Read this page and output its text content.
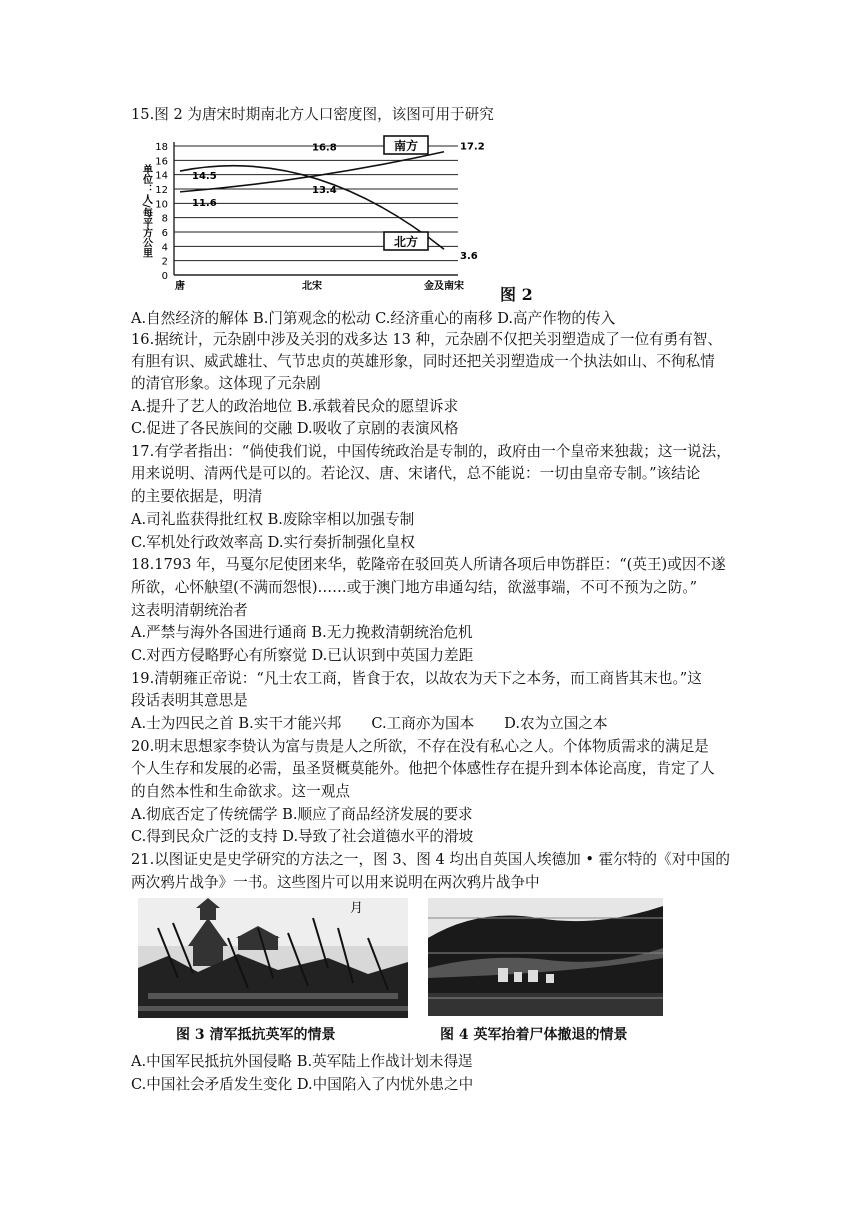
15.图 2 为唐宋时期南北方人口密度图，该图可用于研究
0
2
4
6
8
10
12
14
16
18
单位：人/每平方公里
唐	北宋	金及南宋
11.6
13.4
17.2
14.5
16.8
3.6
南方
北方
图 2
A.自然经济的解体 B.门第观念的松动 C.经济重心的南移 D.高产作物的传入
16.据统计，元杂剧中涉及关羽的戏多达 13 种，元杂剧不仅把关羽塑造成了一位有勇有智、
有胆有识、威武雄壮、气节忠贞的英雄形象，同时还把关羽塑造成一个执法如山、不徇私情
的清官形象。这体现了元杂剧
A.提升了艺人的政治地位 B.承载着民众的愿望诉求
C.促进了各民族间的交融 D.吸收了京剧的表演风格
17.有学者指出：“倘使我们说，中国传统政治是专制的，政府由一个皇帝来独裁；这一说法，
用来说明、清两代是可以的。若论汉、唐、宋诸代，总不能说：一切由皇帝专制。”该结论
的主要依据是，明清
A.司礼监获得批红权 B.废除宰相以加强专制
C.军机处行政效率高 D.实行奏折制强化皇权
18.1793 年，马戛尔尼使团来华，乾隆帝在驳回英人所请各项后申饬群臣：“(英王)或因不遂
所欲，心怀觖望(不满而怨恨)……或于澳门地方串通勾结，欲滋事端，不可不预为之防。”
这表明清朝统治者
A.严禁与海外各国进行通商 B.无力挽救清朝统治危机
C.对西方侵略野心有所察觉 D.已认识到中英国力差距
19.清朝雍正帝说：“凡士农工商，皆食于农，以故农为天下之本务，而工商皆其末也。”这
段话表明其意思是
A.士为四民之首 B.实干才能兴邦 C.工商亦为国本 D.农为立国之本
20.明末思想家李贽认为富与贵是人之所欲，不存在没有私心之人。个体物质需求的满足是
个人生存和发展的必需，虽圣贤概莫能外。他把个体感性存在提升到本体论高度，肯定了人
的自然本性和生命欲求。这一观点
A.彻底否定了传统儒学 B.顺应了商品经济发展的要求
C.得到民众广泛的支持 D.导致了社会道德水平的滑坡
21.以图证史是史学研究的方法之一，图 3、图 4 均出自英国人埃德加 • 霍尔特的《对中国的
两次鸦片战争》一书。这些图片可以用来说明在两次鸦片战争中
月
图 3 清军抵抗英军的情景	图 4 英军抬着尸体撤退的情景
A.中国军民抵抗外国侵略 B.英军陆上作战计划未得逞
C.中国社会矛盾发生变化 D.中国陷入了内忧外患之中
